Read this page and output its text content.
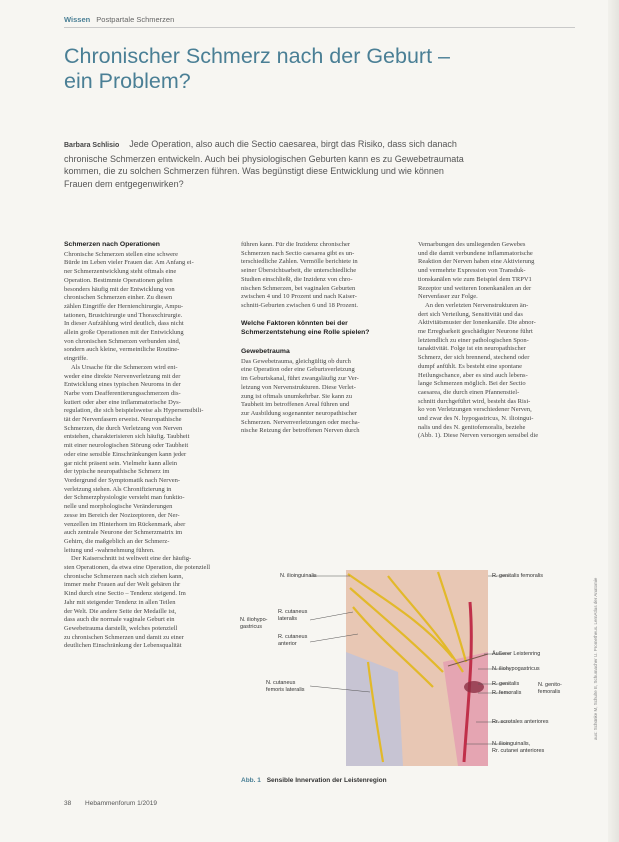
Wissen Postpartale Schmerzen
Chronischer Schmerz nach der Geburt –
ein Problem?

Barbara Schlisio Jede Operation, also auch die Sectio caesarea, birgt das Risiko, dass sich danach

chronische Schmerzen entwickeln. Auch bei physiologischen Geburten kann es zu Gewebetraumata

kommen, die zu solchen Schmerzen führen. Was begünstigt diese Entwicklung und wie können

Frauen dem entgegenwirken?

Schmerzen nach Operationen

Chronische Schmerzen stellen eine schwere

Bürde im Leben vieler Frauen dar. Am Anfang ei-

ner Schmerzentwicklung steht oftmals eine

Operation. Bestimmte Operationen gelten

besonders häufig mit der Entwicklung von

chronischen Schmerzen einher. Zu diesen

zählen Eingriffe der Hernienchirurgie, Ampu-

tationen, Brustchirurgie und Thoraxchirurgie.

In dieser Aufzählung wird deutlich, dass nicht

allein große Operationen mit der Entwicklung

von chronischen Schmerzen verbunden sind,

sondern auch kleine, vermeintliche Routine-

eingriffe.

Als Ursache für die Schmerzen wird ent-

weder eine direkte Nervenverletzung mit der

Entwicklung eines typischen Neuroms in der

Narbe vom Deafferentierungsschmerzen dis-

kutiert oder aber eine inflammatorische Dys-

regulation, die sich beispielsweise als Hypersensibili-

tät der Nervenfasern erweist. Neuropathische

Schmerzen, die durch Verletzung von Nerven

entstehen, charakterisieren sich häufig. Taubheit

mit einer neurologischen Störung oder Taubheit

oder eine sensible Einschränkungen kann jeder

gar nicht präsent sein. Vielmehr kann allein

der typische neuropathische Schmerz im

Vordergrund der Symptomatik nach Nerven-

verletzung stehen. Als Chronifizierung in

der Schmerzphysiologie versteht man funktio-

nelle und morphologische Veränderungen

zesse im Bereich der Nozizeptoren, der Ner-

venzellen im Hinterhorn im Rückenmark, aber

auch zentrale Neurone der Schmerzmatrix im

Gehirn, die maßgeblich an der Schmerz-

leitung und -wahrnehmung führen.

Der Kaiserschnitt ist weltweit eine der häufig-

sten Operationen, da etwa eine Operation, die potenziell

chronische Schmerzen nach sich ziehen kann,

immer mehr Frauen auf der Welt gebären ihr

Kind durch eine Sectio – Tendenz steigend. Im

Jahr mit steigender Tendenz in allen Teilen

der Welt. Die andere Seite der Medaille ist,

dass auch die normale vaginale Geburt ein

Gewebetrauma darstellt, welches potenziell

zu chronischen Schmerzen und damit zu einer

deutlichen Einschränkung der Lebensqualität

führen kann. Für die Inzidenz chronischer

Schmerzen nach Sectio caesarea gibt es un-

terschiedliche Zahlen. Vermölle berichtete in

seiner Übersichtsarbeit, die unterschiedliche

Studien einschließt, die Inzidenz von chro-

nischen Schmerzen, bei vaginalen Geburten

zwischen 4 und 10 Prozent und nach Kaiser-

schnitt-Geburten zwischen 6 und 18 Prozent.

Welche Faktoren könnten bei der

Schmerzentstehung eine Rolle spielen?

Gewebetrauma

Das Gewebetrauma, gleichgültig ob durch

eine Operation oder eine Geburtsverletzung

im Geburtskanal, führt zwangsläufig zur Ver-

letzung von Nervenstrukturen. Diese Verlet-

zung ist oftmals unumkehrbar. Sie kann zu

Taubheit im betroffenen Areal führen und

zur Ausbildung sogenannter neuropathischer

Schmerzen. Nervenverletzungen oder mecha-

nische Reizung der betroffenen Nerven durch

Vernarbungen des umliegenden Gewebes

und die damit verbundene inflammatorische

Reaktion der Nerven haben eine Aktivierung

und vermehrte Expression von Transduk-

tionskanälen wie zum Beispiel dem TRPV1

Rezeptor und weiteren Ionenkanälen an der

Nervenfaser zur Folge.

An den verletzten Nervenstrukturen än-

dert sich Verteilung, Sensitivität und das

Aktivitätsmuster der Ionenkanäle. Die abnor-

me Erregbarkeit geschädigter Neurone führt

letztendlich zu einer pathologischen Spon-

tanaktivität. Folge ist ein neuropathischer

Schmerz, der sich brennend, stechend oder

dumpf anfühlt. Es besteht eine spontane

Heilungschance, aber es sind auch lebens-

lange Schmerzen möglich. Bei der Sectio

caesarea, die durch einen Pfannenstiel-

schnitt durchgeführt wird, besteht das Risi-

ko von Verletzungen verschiedener Nerven,

und zwar des N. hypogastricus, N. ilioingui-

nalis und des N. genitofemoralis, beziehe

(Abb. 1). Diese Nerven versorgen sensibel die

N. ilioinguinalis
N. iliohypo-
gastricus
R. cutaneus
lateralis
R. cutaneus
anterior
N. cutaneus
femoris lateralis
R. genitalis femoralis
Äußerer Leistenring
N. iliohypogastricus
R. genitalis
R. femoralis
N. genito-
femoralis
Rr. scrotales anteriores
N. ilioinguinalis,
Rr. cutanei anteriores
aus: Schünke M, Schulte E, Schumacher U. Prometheus. LernAtlas der Anatomie
Abb. 1 Sensible Innervation der Leistenregion
38 Hebammenforum 1/2019
